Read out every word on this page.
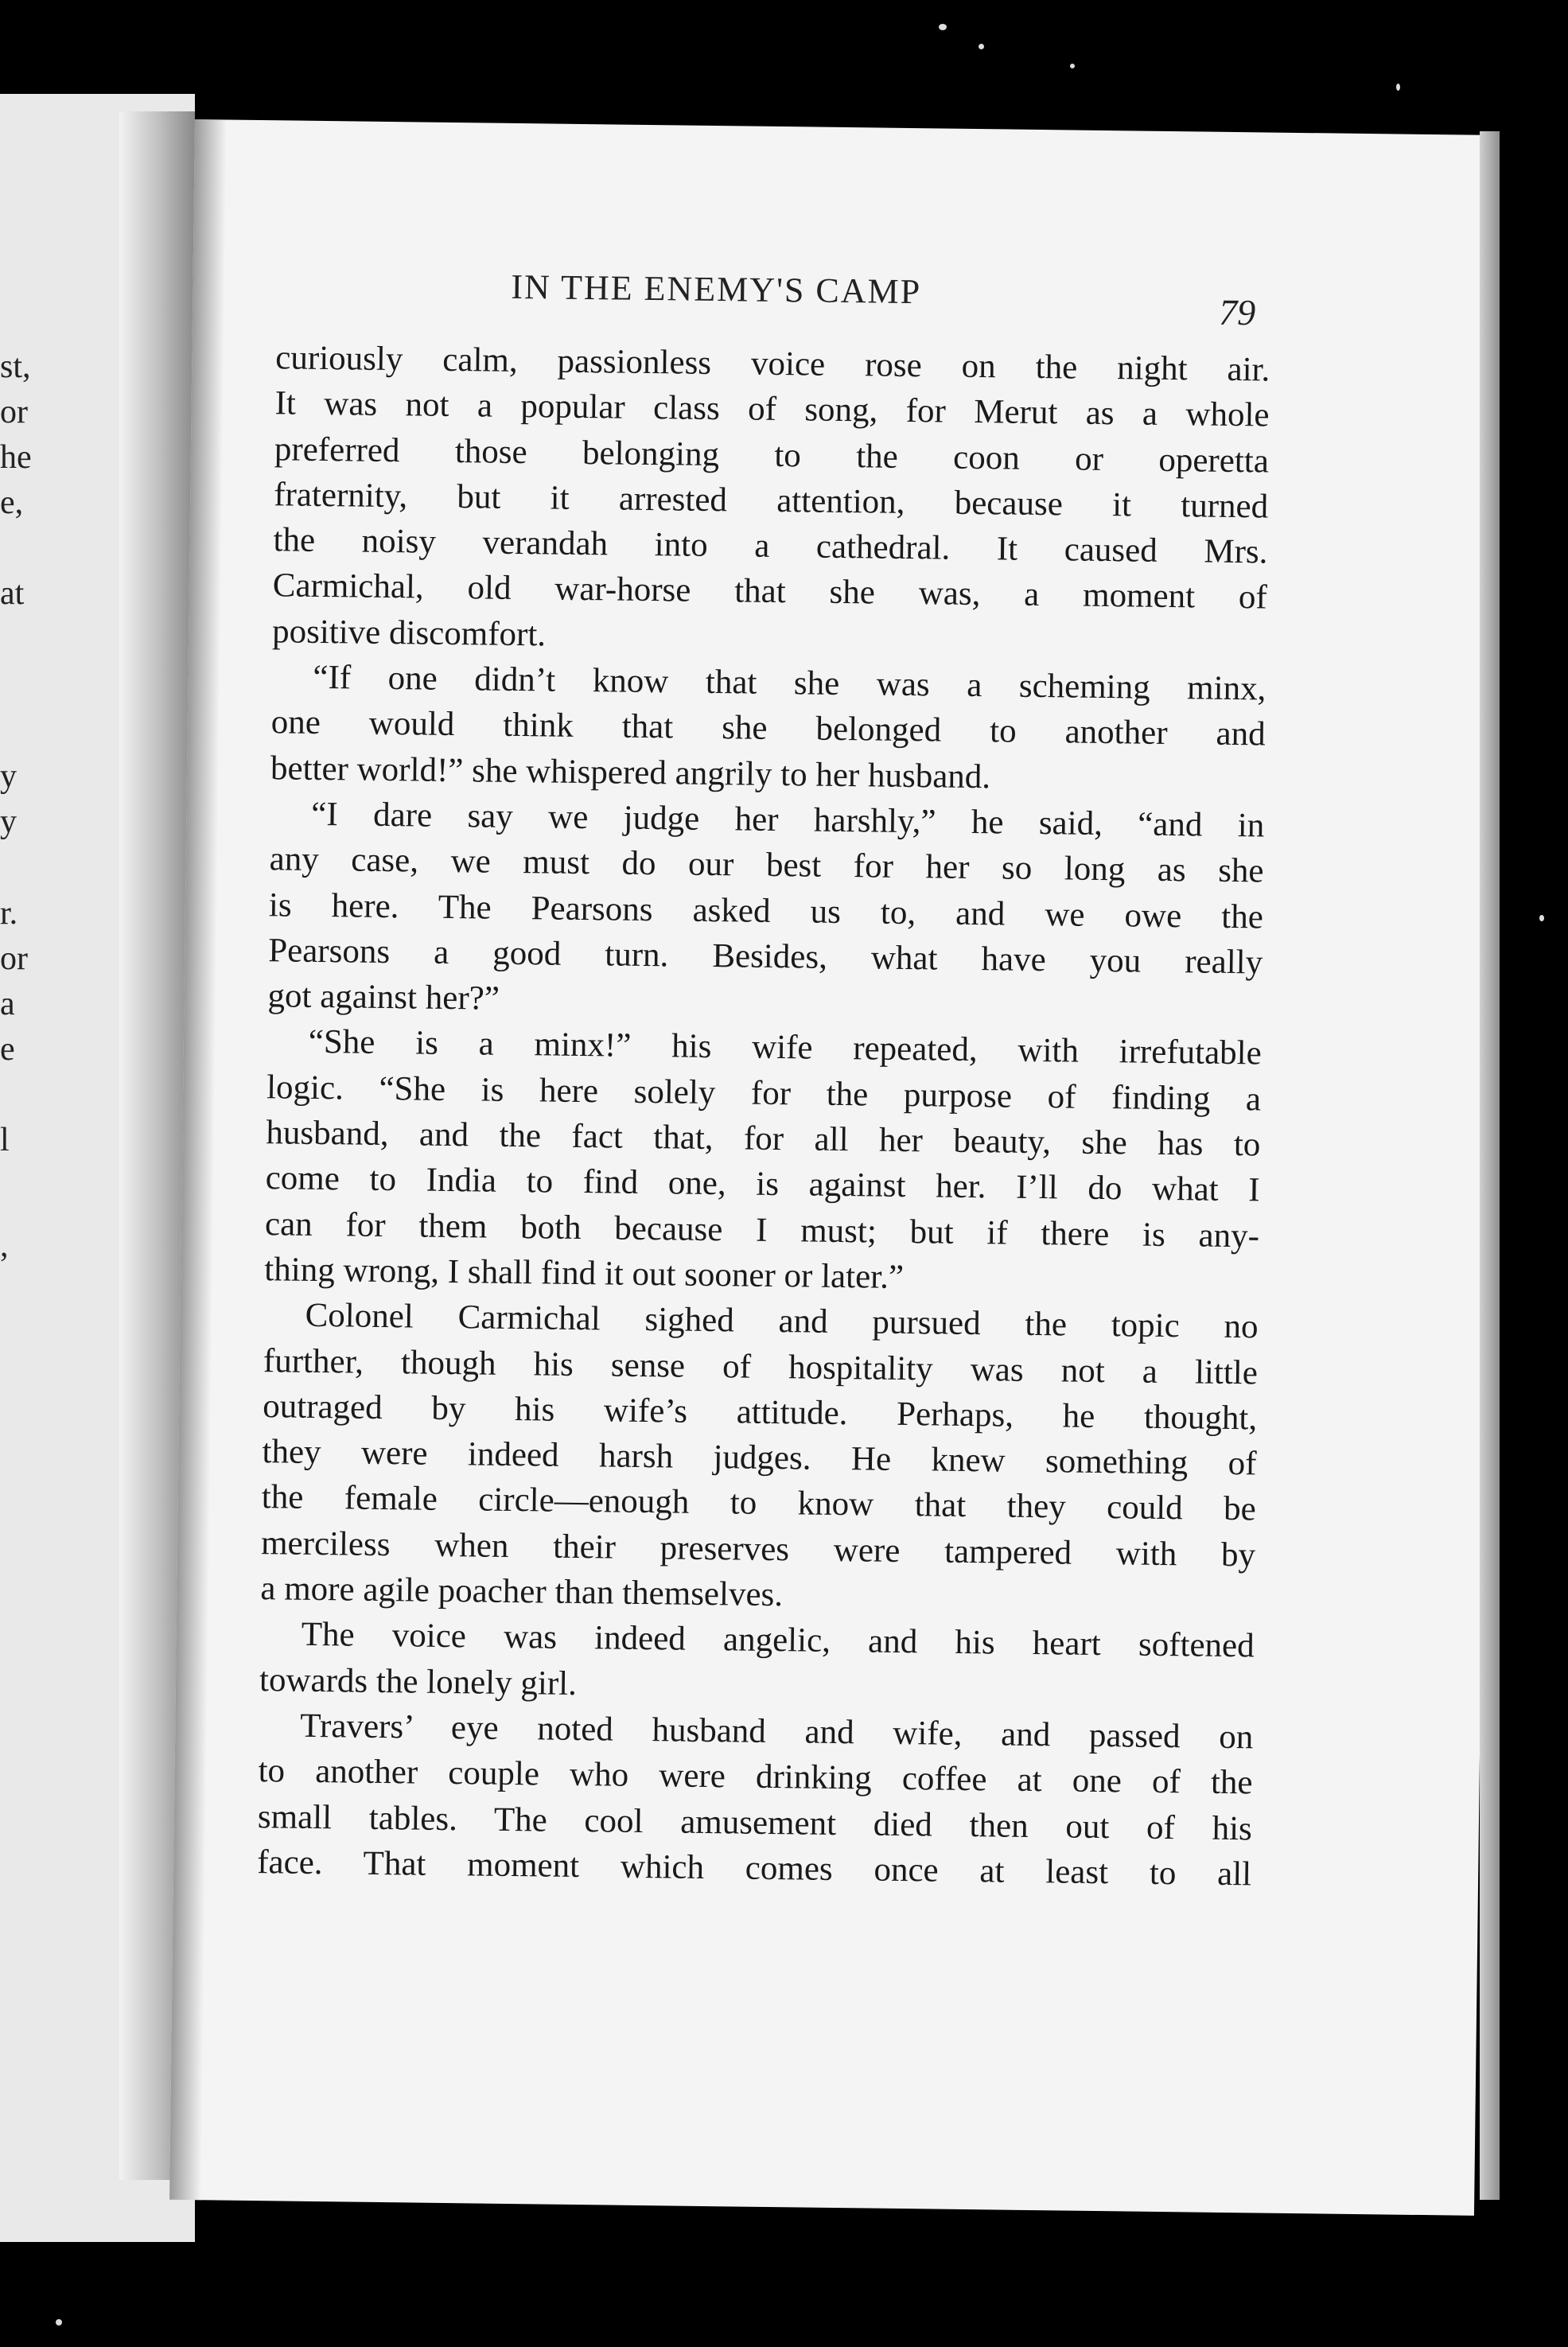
st,
or
he
e,
at
y
y
r.
or
a
e
l
,
IN THE ENEMY'S CAMP
79
curiously calm, passionless voice rose on the night air.
It was not a popular class of song, for Merut as a whole
preferred those belonging to the coon or operetta
fraternity, but it arrested attention, because it turned
the noisy verandah into a cathedral. It caused Mrs.
Carmichal, old war-horse that she was, a moment of
positive discomfort.
“If one didn’t know that she was a scheming minx,
one would think that she belonged to another and
better world!” she whispered angrily to her husband.
“I dare say we judge her harshly,” he said, “and in
any case, we must do our best for her so long as she
is here. The Pearsons asked us to, and we owe the
Pearsons a good turn. Besides, what have you really
got against her?”
“She is a minx!” his wife repeated, with irrefutable
logic. “She is here solely for the purpose of finding a
husband, and the fact that, for all her beauty, she has to
come to India to find one, is against her. I’ll do what I
can for them both because I must; but if there is any-
thing wrong, I shall find it out sooner or later.”
Colonel Carmichal sighed and pursued the topic no
further, though his sense of hospitality was not a little
outraged by his wife’s attitude. Perhaps, he thought,
they were indeed harsh judges. He knew something of
the female circle—enough to know that they could be
merciless when their preserves were tampered with by
a more agile poacher than themselves.
The voice was indeed angelic, and his heart softened
towards the lonely girl.
Travers’ eye noted husband and wife, and passed on
to another couple who were drinking coffee at one of the
small tables. The cool amusement died then out of his
face. That moment which comes once at least to all
